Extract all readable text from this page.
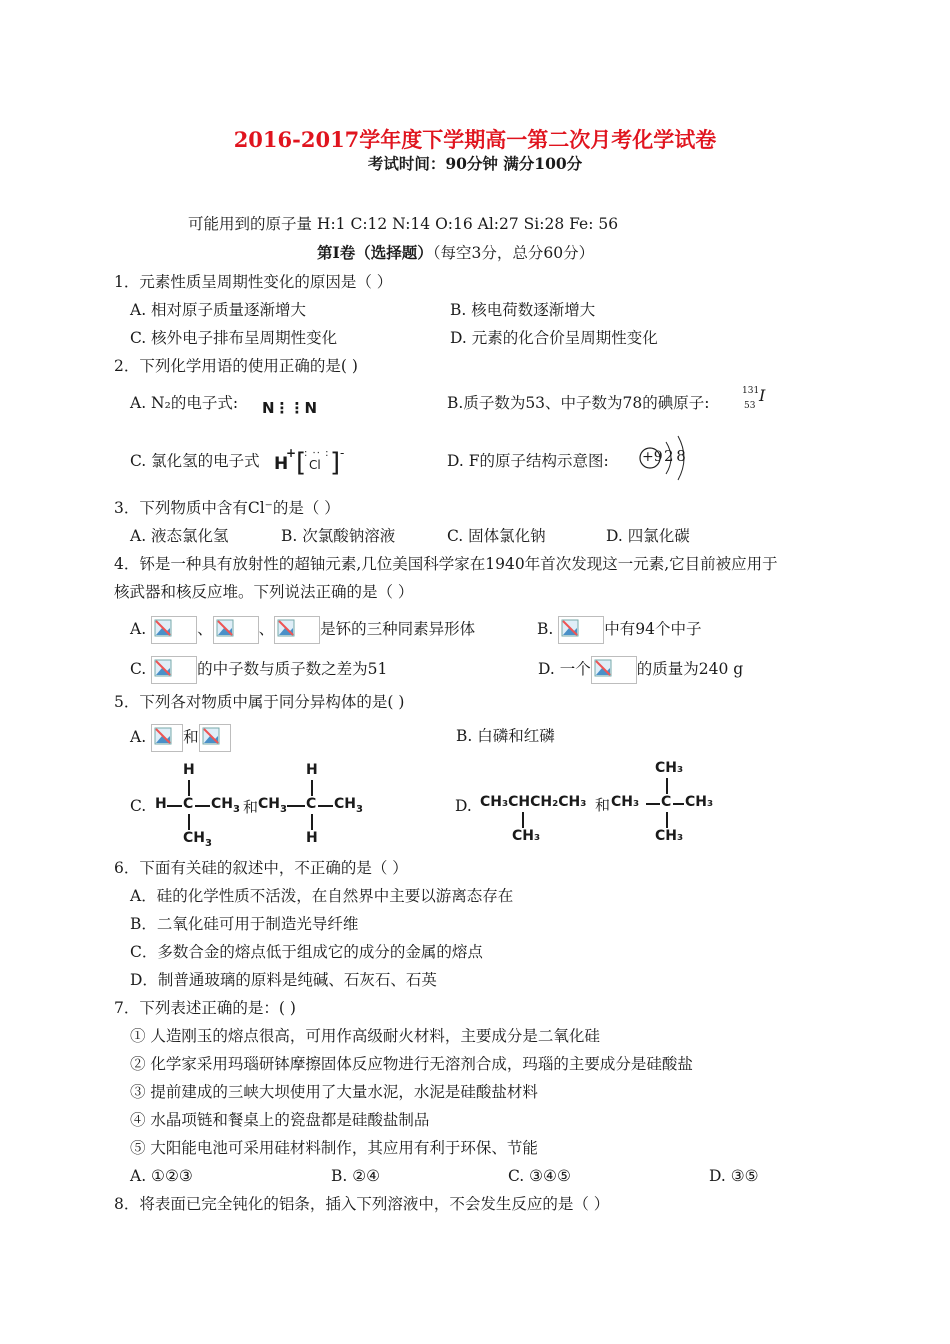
2016-2017学年度下学期高一第二次月考化学试卷
考试时间：90分钟 满分100分
可能用到的原子量 H:1 C:12 N:14 O:16 Al:27 Si:28 Fe: 56
第Ⅰ卷（选择题）（每空3分，总分60分）
1．元素性质呈周期性变化的原因是（ ）
A. 相对原子质量逐渐增大	B. 核电荷数逐渐增大
C. 核外电子排布呈周期性变化	D. 元素的化合价呈周期性变化
2．下列化学用语的使用正确的是( )
A. N₂的电子式: N⋮⋮N	B.质子数为53、中子数为78的碘原子:
131
53
I
C. 氯化氢的电子式 H
+ [ Cl
: ⋅⋅ : ] -	D. F的原子结构示意图: +9 2 8
3．下列物质中含有Cl⁻的是（ ）
A. 液态氯化氢	B. 次氯酸钠溶液	C. 固体氯化钠	D. 四氯化碳
4．钚是一种具有放射性的超铀元素,几位美国科学家在1940年首次发现这一元素,它目前被应用于
核武器和核反应堆。下列说法正确的是（ ）
A.	、	、	是钚的三种同素异形体	B.	中有94个中子
C.	的中子数与质子数之差为51	D. 一个	的质量为240 g
5．下列各对物质中属于同分异构体的是( )
A. 和	B. 白磷和红磷
C.
H
H C $CH_3$
$CH_3$
和 $CH_3$
H
C $CH_3$
H
D. CH₃CHCH₂CH₃
CH₃
和 CH₃
CH₃
C CH₃
CH₃
6．下面有关硅的叙述中，不正确的是（ ）
A．硅的化学性质不活泼，在自然界中主要以游离态存在
B．二氧化硅可用于制造光导纤维
C．多数合金的熔点低于组成它的成分的金属的熔点
D．制普通玻璃的原料是纯碱、石灰石、石英
7．下列表述正确的是：( )
① 人造刚玉的熔点很高，可用作高级耐火材料，主要成分是二氧化硅
② 化学家采用玛瑙研钵摩擦固体反应物进行无溶剂合成，玛瑙的主要成分是硅酸盐
③ 提前建成的三峡大坝使用了大量水泥，水泥是硅酸盐材料
④ 水晶项链和餐桌上的瓷盘都是硅酸盐制品
⑤ 大阳能电池可采用硅材料制作，其应用有利于环保、节能
A. ①②③	B. ②④	C. ③④⑤	D. ③⑤
8．将表面已完全钝化的铝条，插入下列溶液中，不会发生反应的是（ ）
